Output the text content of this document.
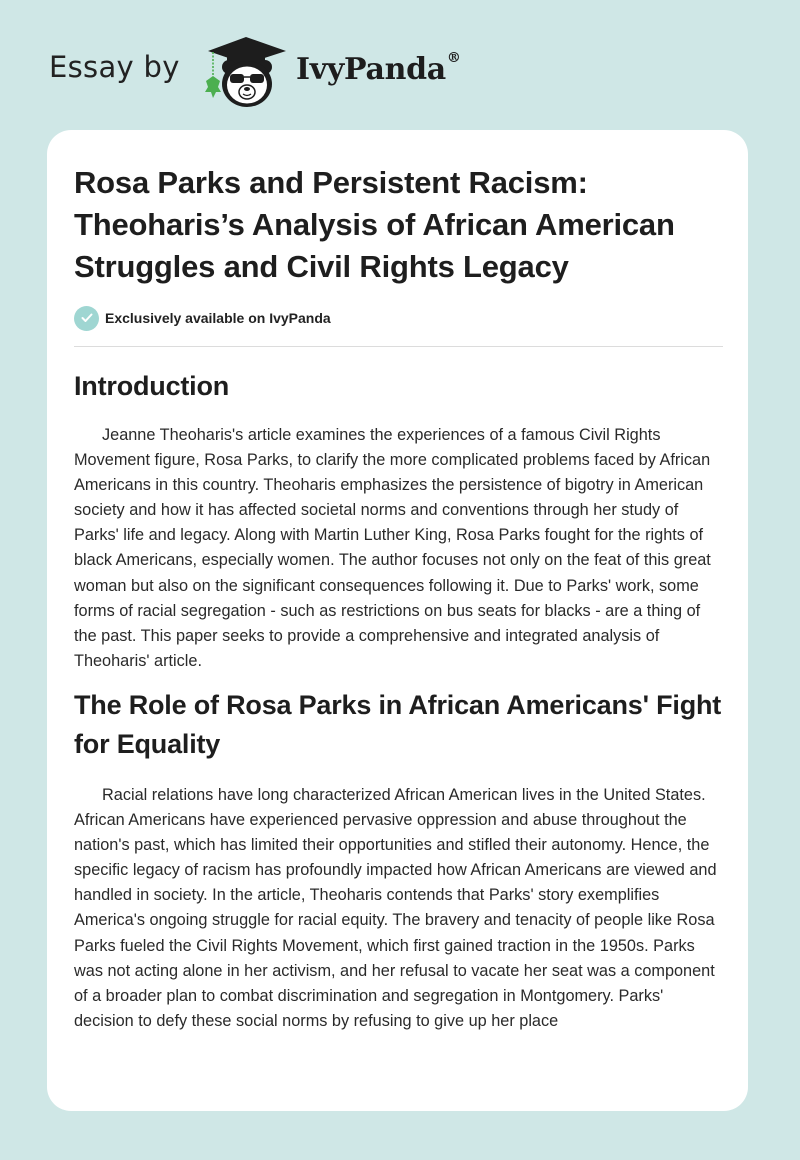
Essay by	IvyPanda®
Rosa Parks and Persistent Racism: Theoharis’s Analysis of African American Struggles and Civil Rights Legacy
Exclusively available on IvyPanda
Introduction

Jeanne Theoharis's article examines the experiences of a famous Civil Rights Movement figure, Rosa Parks, to clarify the more complicated problems faced by African Americans in this country. Theoharis emphasizes the persistence of bigotry in American society and how it has affected societal norms and conventions through her study of Parks' life and legacy. Along with Martin Luther King, Rosa Parks fought for the rights of black Americans, especially women. The author focuses not only on the feat of this great woman but also on the significant consequences following it. Due to Parks' work, some forms of racial segregation - such as restrictions on bus seats for blacks - are a thing of the past. This paper seeks to provide a comprehensive and integrated analysis of Theoharis' article.

The Role of Rosa Parks in African Americans' Fight for Equality

Racial relations have long characterized African American lives in the United States. African Americans have experienced pervasive oppression and abuse throughout the nation's past, which has limited their opportunities and stifled their autonomy. Hence, the specific legacy of racism has profoundly impacted how African Americans are viewed and handled in society. In the article, Theoharis contends that Parks' story exemplifies America's ongoing struggle for racial equity. The bravery and tenacity of people like Rosa Parks fueled the Civil Rights Movement, which first gained traction in the 1950s. Parks was not acting alone in her activism, and her refusal to vacate her seat was a component of a broader plan to combat discrimination and segregation in Montgomery. Parks' decision to defy these social norms by refusing to give up her place
